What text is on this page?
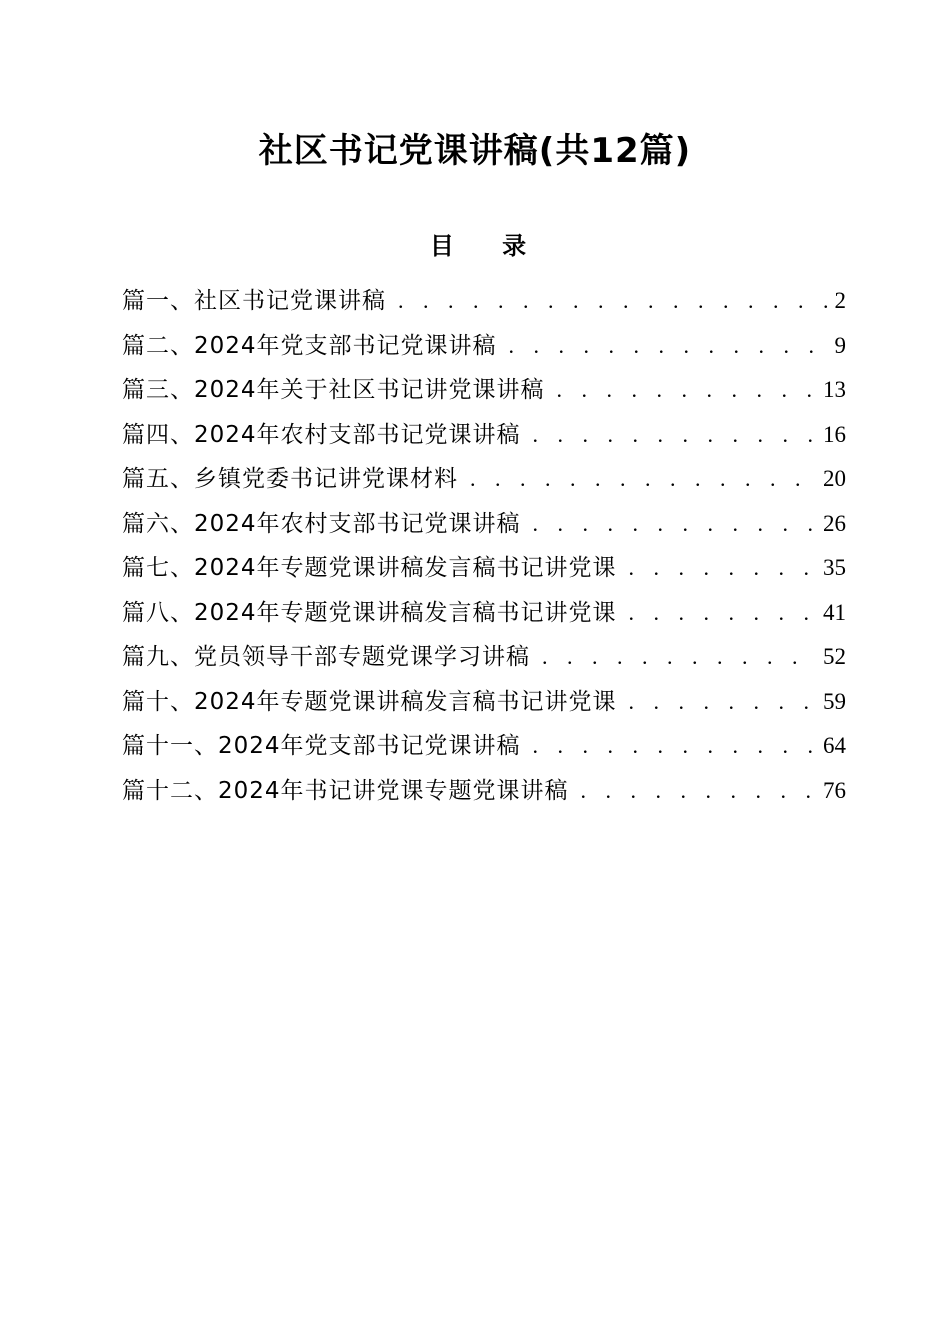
社区书记党课讲稿(共12篇)
目 录
篇一、社区书记党课讲稿 . . .	2
篇二、2024年党支部书记党课讲稿 . . .	9
篇三、2024年关于社区书记讲党课讲稿 . . .	13
篇四、2024年农村支部书记党课讲稿 . . .	16
篇五、乡镇党委书记讲党课材料 . . .	20
篇六、2024年农村支部书记党课讲稿 . . .	26
篇七、2024年专题党课讲稿发言稿书记讲党课 . . .	35
篇八、2024年专题党课讲稿发言稿书记讲党课 . . .	41
篇九、党员领导干部专题党课学习讲稿 . . .	52
篇十、2024年专题党课讲稿发言稿书记讲党课 . . .	59
篇十一、2024年党支部书记党课讲稿 . . .	64
篇十二、2024年书记讲党课专题党课讲稿 . . .	76
